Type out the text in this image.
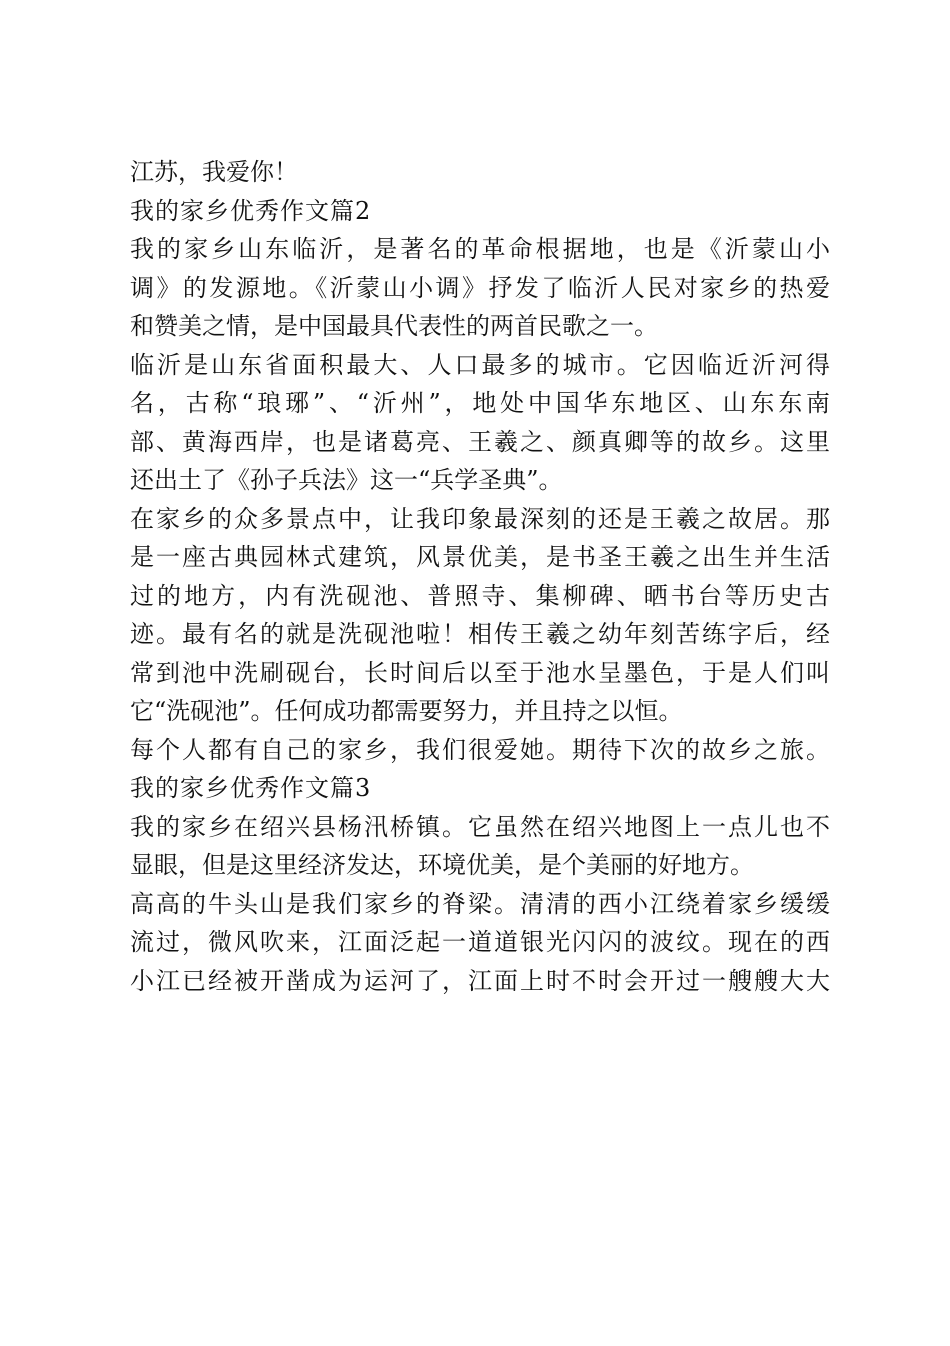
江苏，我爱你！
我的家乡优秀作文篇2
我的家乡山东临沂，是著名的革命根据地，也是《沂蒙山小
调》的发源地。《沂蒙山小调》抒发了临沂人民对家乡的热爱
和赞美之情，是中国最具代表性的两首民歌之一。
临沂是山东省面积最大、人口最多的城市。它因临近沂河得
名，古称“琅琊”、“沂州”，地处中国华东地区、山东东南
部、黄海西岸，也是诸葛亮、王羲之、颜真卿等的故乡。这里
还出土了《孙子兵法》这一“兵学圣典”。
在家乡的众多景点中，让我印象最深刻的还是王羲之故居。那
是一座古典园林式建筑，风景优美，是书圣王羲之出生并生活
过的地方，内有洗砚池、普照寺、集柳碑、晒书台等历史古
迹。最有名的就是洗砚池啦！相传王羲之幼年刻苦练字后，经
常到池中洗刷砚台，长时间后以至于池水呈墨色，于是人们叫
它“洗砚池”。任何成功都需要努力，并且持之以恒。
每个人都有自己的家乡，我们很爱她。期待下次的故乡之旅。
我的家乡优秀作文篇3
我的家乡在绍兴县杨汛桥镇。它虽然在绍兴地图上一点儿也不
显眼，但是这里经济发达，环境优美，是个美丽的好地方。
高高的牛头山是我们家乡的脊梁。清清的西小江绕着家乡缓缓
流过，微风吹来，江面泛起一道道银光闪闪的波纹。现在的西
小江已经被开凿成为运河了，江面上时不时会开过一艘艘大大
